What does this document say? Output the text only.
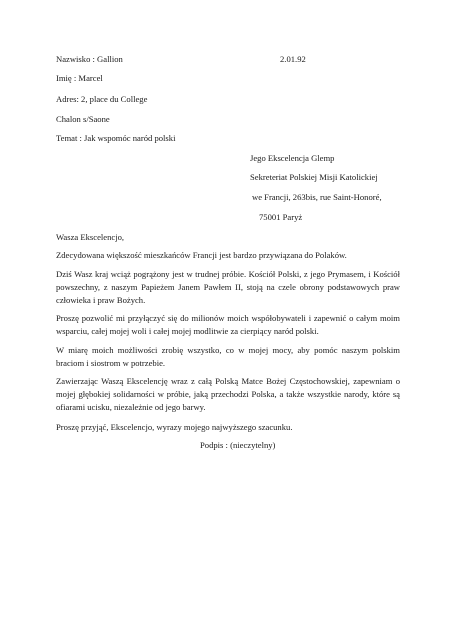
Nazwisko : Gallion	2.01.92
Imię : Marcel
Adres: 2, place du College
Chalon s/Saone
Temat : Jak wspomóc naród polski
Jego Ekscelencja Glemp
Sekreteriat Polskiej Misji Katolickiej
we Francji, 263bis, rue Saint-Honoré,
75001 Paryż
Wasza Ekscelencjo,
Zdecydowana większość mieszkańców Francji jest bardzo przywiązana do Polaków.
Dziś Wasz kraj wciąż pogrążony jest w trudnej próbie. Kościół Polski, z jego Prymasem, i Kościół powszechny, z naszym Papieżem Janem Pawłem II, stoją na czele obrony podstawowych praw człowieka i praw Bożych.
Proszę pozwolić mi przyłączyć się do milionów moich współobywateli i zapewnić o całym moim wsparciu, całej mojej woli i całej mojej modlitwie za cierpiący naród polski.
W miarę moich możliwości zrobię wszystko, co w mojej mocy, aby pomóc naszym polskim braciom i siostrom w potrzebie.
Zawierzając Waszą Ekscelencję wraz z całą Polską Matce Bożej Częstochowskiej, zapewniam o mojej głębokiej solidarności w próbie, jaką przechodzi Polska, a także wszystkie narody, które są ofiarami ucisku, niezależnie od jego barwy.
Proszę przyjąć, Ekscelencjo, wyrazy mojego najwyższego szacunku.
Podpis : (nieczytelny)
